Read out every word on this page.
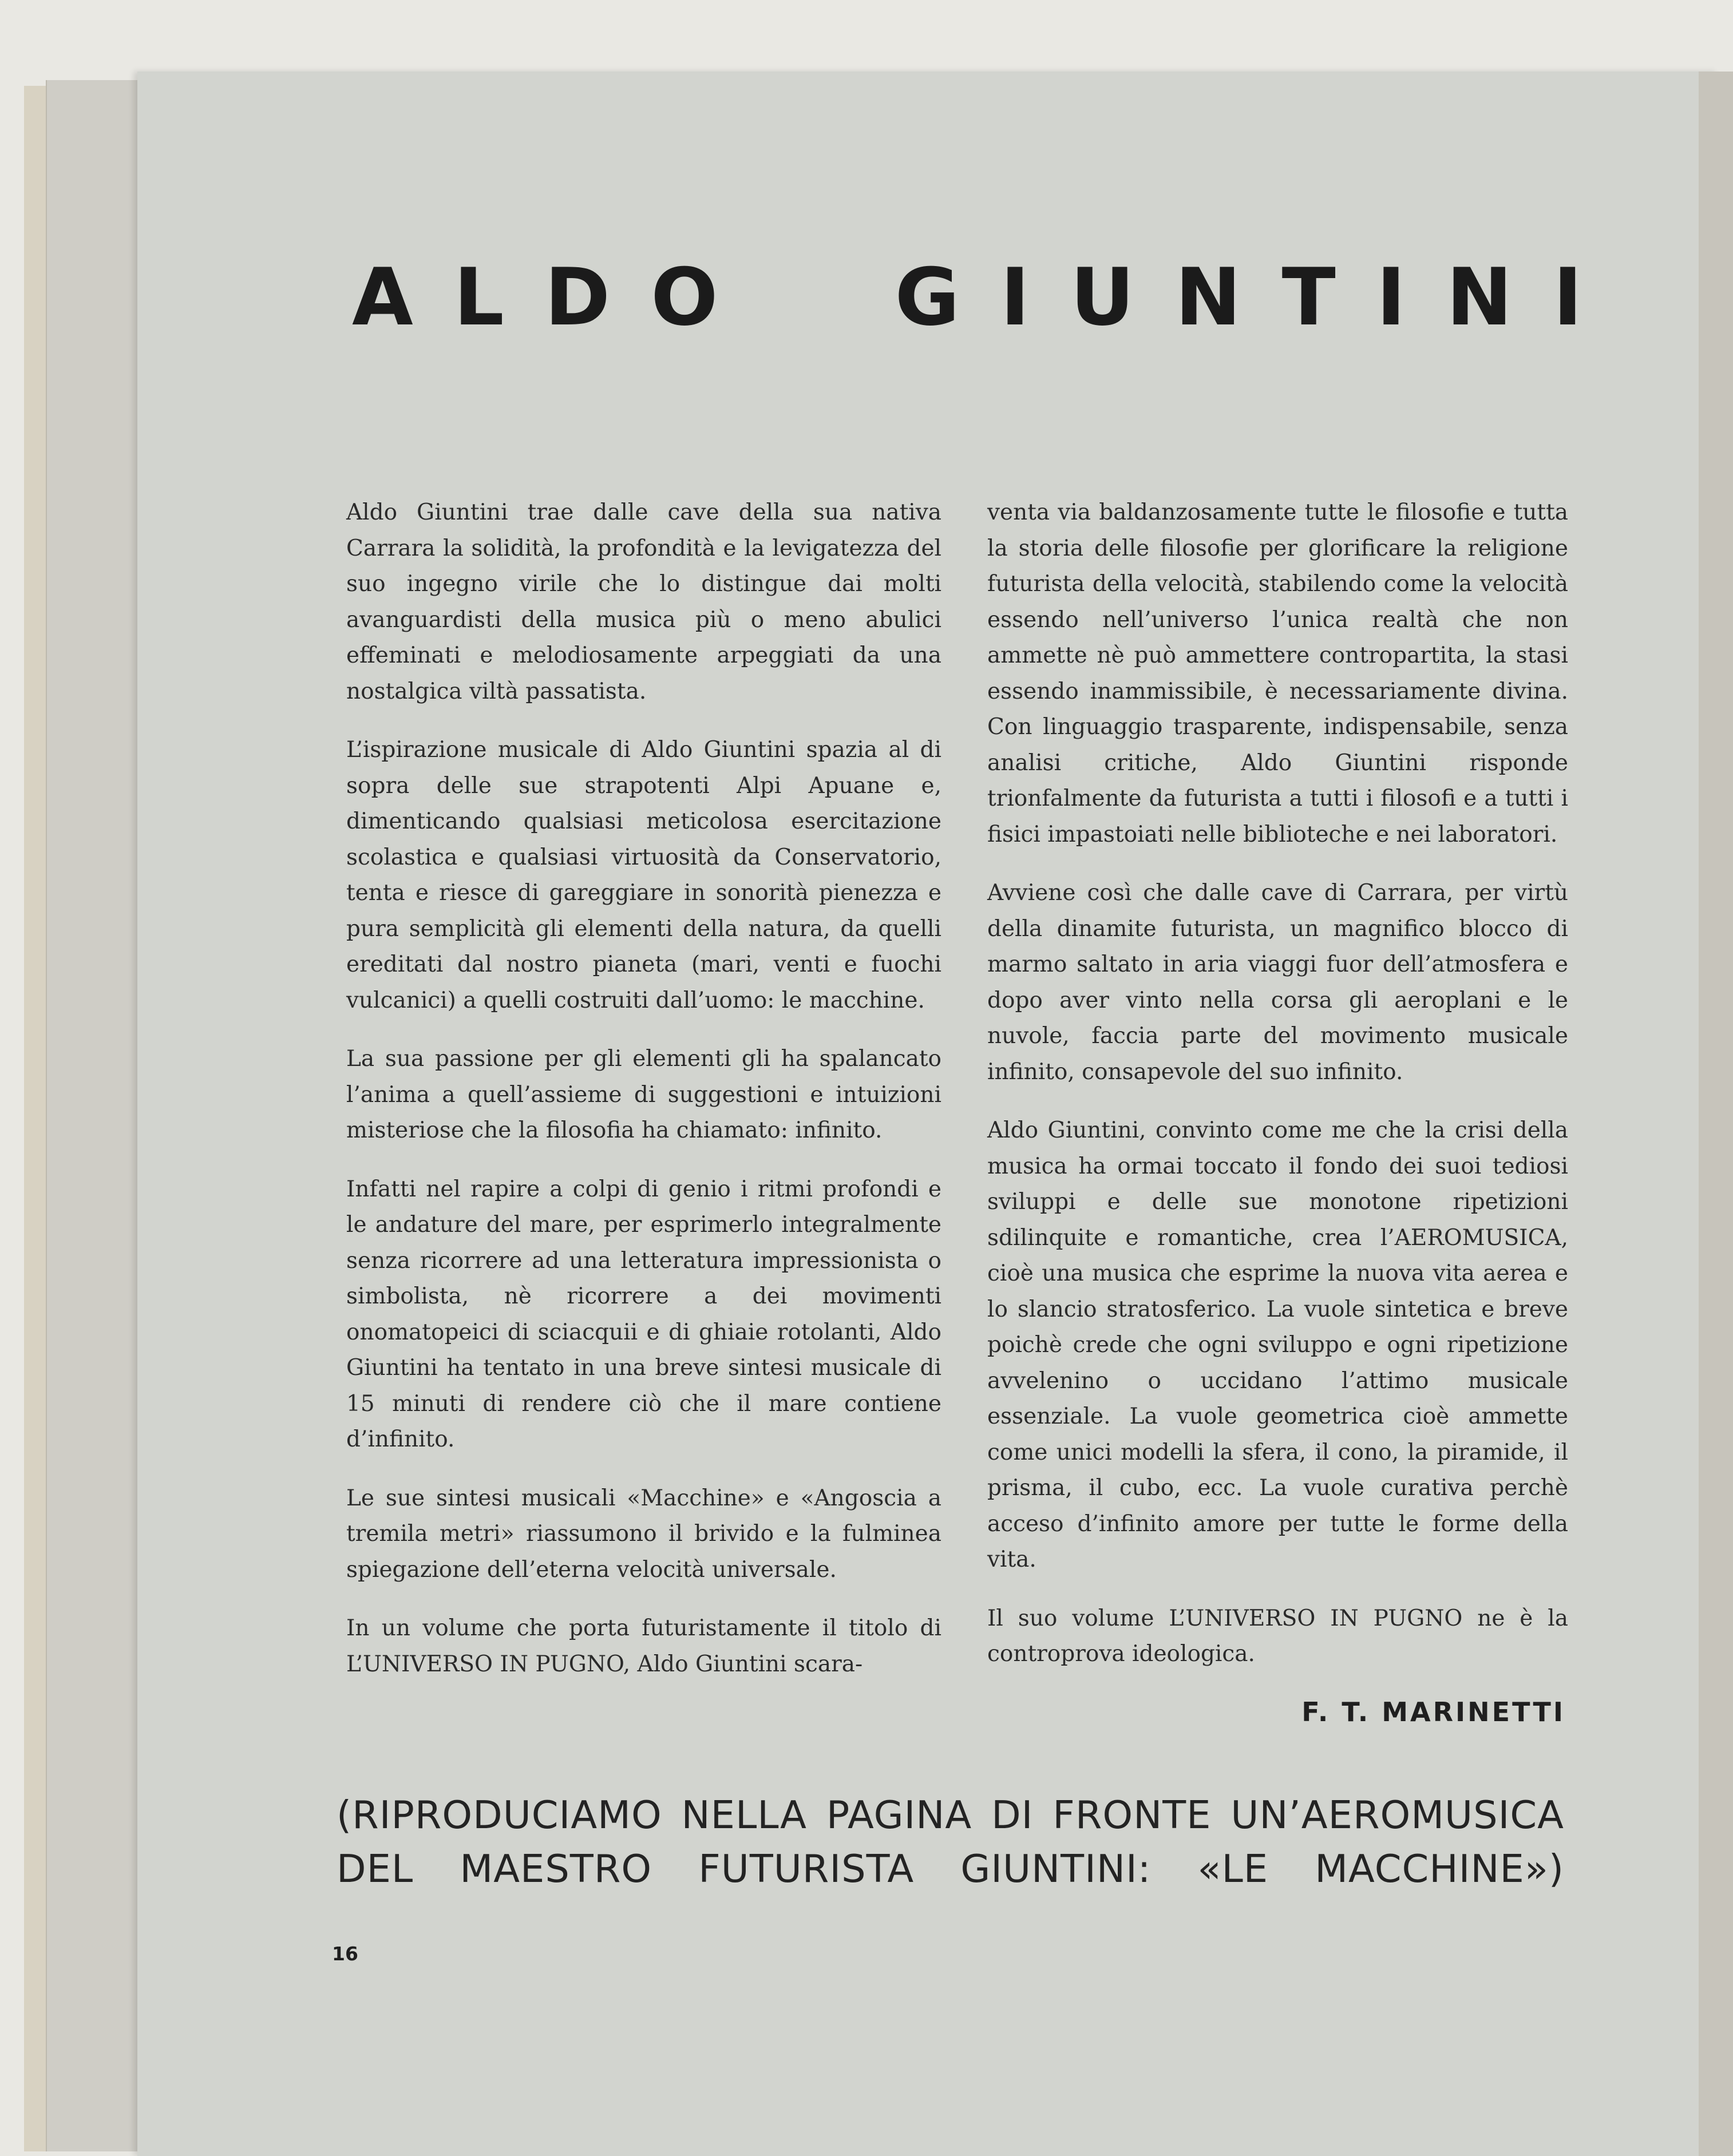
A L D O

G I U N T I N I

Aldo Giuntini trae dalle cave della sua nativa Carrara la solidità, la profondità e la levigatezza del suo ingegno virile che lo distingue dai molti avanguardisti della musica più o meno abulici effeminati e melodiosamente arpeggiati da una nostalgica viltà passatista.

L’ispirazione musicale di Aldo Giuntini spazia al di sopra delle sue strapotenti Alpi Apuane e, dimenticando qualsiasi meticolosa esercitazione scolastica e qualsiasi virtuosità da Conservatorio, tenta e riesce di gareggiare in sonorità pienezza e pura semplicità gli elementi della natura, da quelli ereditati dal nostro pianeta (mari, venti e fuochi vulcanici) a quelli costruiti dall’uomo: le macchine.

La sua passione per gli elementi gli ha spalancato l’anima a quell’assieme di suggestioni e intuizioni misteriose che la filosofia ha chiamato: infinito.

Infatti nel rapire a colpi di genio i ritmi profondi e le andature del mare, per esprimerlo integralmente senza ricorrere ad una letteratura impressionista o simbolista, nè ricorrere a dei movimenti onomatopeici di sciacquii e di ghiaie rotolanti, Aldo Giuntini ha tentato in una breve sintesi musicale di 15 minuti di rendere ciò che il mare contiene d’infinito.

Le sue sintesi musicali «Macchine» e «Angoscia a tremila metri» riassumono il brivido e la fulminea spiegazione dell’eterna velocità universale.

In un volume che porta futuristamente il titolo di L’UNIVERSO IN PUGNO, Aldo Giuntini scara-

venta via baldanzosamente tutte le filosofie e tutta la storia delle filosofie per glorificare la religione futurista della velocità, stabilendo come la velocità essendo nell’universo l’unica realtà che non ammette nè può ammettere contropartita, la stasi essendo inammissibile, è necessariamente divina. Con linguaggio trasparente, indispensabile, senza analisi critiche, Aldo Giuntini risponde trionfalmente da futurista a tutti i filosofi e a tutti i fisici impastoiati nelle biblioteche e nei laboratori.

Avviene così che dalle cave di Carrara, per virtù della dinamite futurista, un magnifico blocco di marmo saltato in aria viaggi fuor dell’atmosfera e dopo aver vinto nella corsa gli aeroplani e le nuvole, faccia parte del movimento musicale infinito, consapevole del suo infinito.

Aldo Giuntini, convinto come me che la crisi della musica ha ormai toccato il fondo dei suoi tediosi sviluppi e delle sue monotone ripetizioni sdilinquite e romantiche, crea l’AEROMUSICA, cioè una musica che esprime la nuova vita aerea e lo slancio stratosferico. La vuole sintetica e breve poichè crede che ogni sviluppo e ogni ripetizione avvelenino o uccidano l’attimo musicale essenziale. La vuole geometrica cioè ammette come unici modelli la sfera, il cono, la piramide, il prisma, il cubo, ecc. La vuole curativa perchè acceso d’infinito amore per tutte le forme della vita.

Il suo volume L’UNIVERSO IN PUGNO ne è la controprova ideologica.

F. T. MARINETTI
(RIPRODUCIAMO NELLA PAGINA DI FRONTE UN’AEROMUSICA
DEL MAESTRO FUTURISTA GIUNTINI: «LE MACCHINE»)
16
